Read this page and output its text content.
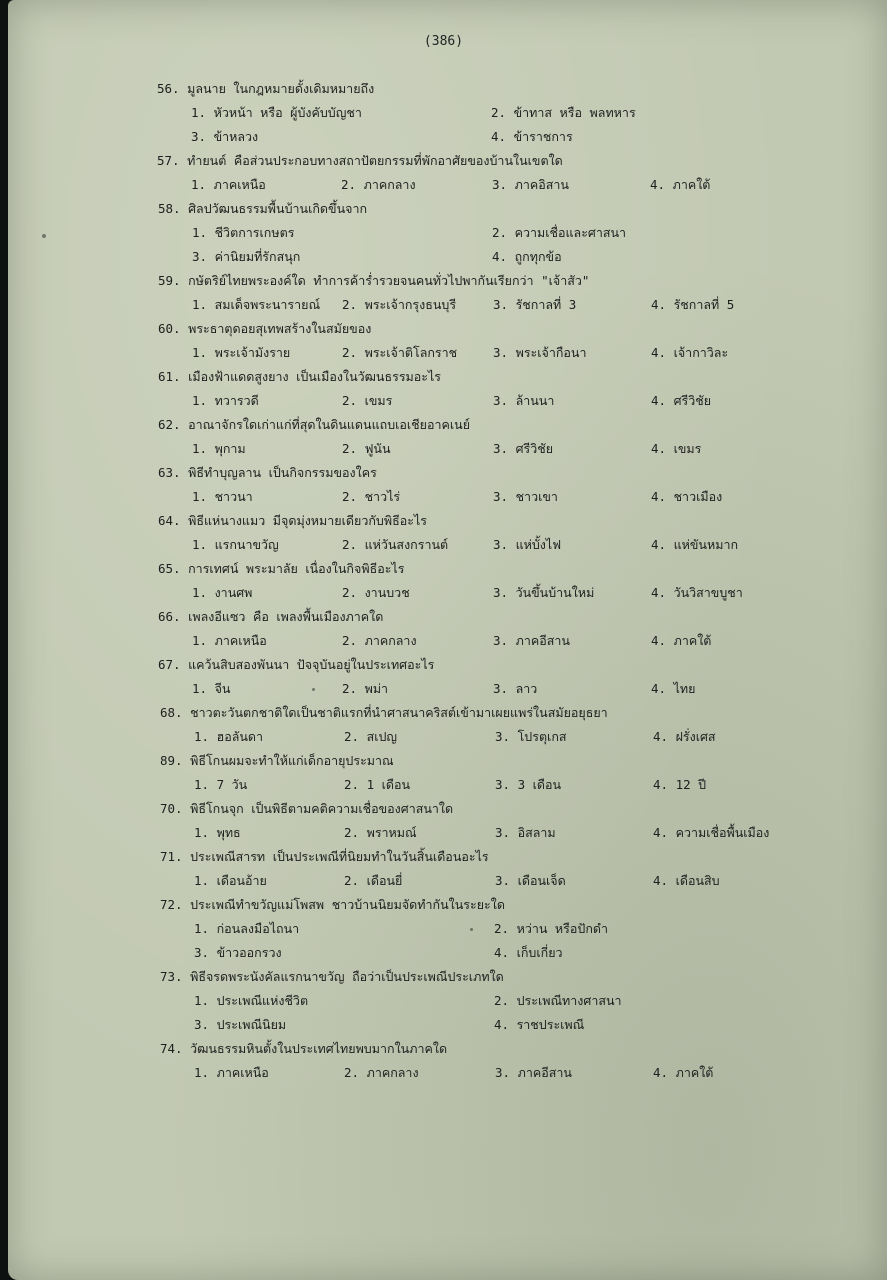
(386)
56. มูลนาย ในกฎหมายดั้งเดิมหมายถึง
1. หัวหน้า หรือ ผู้บังคับบัญชา	2. ข้าทาส หรือ พลทหาร
3. ข้าหลวง	4. ข้าราชการ
57. ทำยนต์ คือส่วนประกอบทางสถาปัตยกรรมที่พักอาศัยของบ้านในเขตใด
1. ภาคเหนือ	2. ภาคกลาง	3. ภาคอิสาน	4. ภาคใต้
58. ศิลปวัฒนธรรมพื้นบ้านเกิดขึ้นจาก
1. ชีวิตการเกษตร	2. ความเชื่อและศาสนา
3. ค่านิยมที่รักสนุก	4. ถูกทุกข้อ
59. กษัตริย์ไทยพระองค์ใด ทำการค้าร่ำรวยจนคนทั่วไปพากันเรียกว่า "เจ้าสัว"
1. สมเด็จพระนารายณ์ 2. พระเจ้ากรุงธนบุรี	3. รัชกาลที่ 3	4. รัชกาลที่ 5
60. พระธาตุดอยสุเทพสร้างในสมัยของ
1. พระเจ้ามังราย	2. พระเจ้าติโลกราช	3. พระเจ้ากือนา	4. เจ้ากาวิละ
61. เมืองฟ้าแดดสูงยาง เป็นเมืองในวัฒนธรรมอะไร
1. ทวารวดี	2. เขมร	3. ล้านนา	4. ศรีวิชัย
62. อาณาจักรใดเก่าแก่ที่สุดในดินแดนแถบเอเชียอาคเนย์
1. พุกาม	2. ฟูนัน	3. ศรีวิชัย	4. เขมร
63. พิธีทำบุญลาน เป็นกิจกรรมของใคร
1. ชาวนา	2. ชาวไร่	3. ชาวเขา	4. ชาวเมือง
64. พิธีแห่นางแมว มีจุดมุ่งหมายเดียวกับพิธีอะไร
1. แรกนาขวัญ	2. แห่วันสงกรานต์	3. แห่บั้งไฟ	4. แห่ขันหมาก
65. การเทศน์ พระมาลัย เนื่องในกิจพิธีอะไร
1. งานศพ	2. งานบวช	3. วันขึ้นบ้านใหม่	4. วันวิสาขบูชา
66. เพลงอีแซว คือ เพลงพื้นเมืองภาคใด
1. ภาคเหนือ	2. ภาคกลาง	3. ภาคอีสาน	4. ภาคใต้
67. แคว้นสิบสองพันนา ปัจจุบันอยู่ในประเทศอะไร
1. จีน	2. พม่า	3. ลาว	4. ไทย
68. ชาวตะวันตกชาติใดเป็นชาติแรกที่นำศาสนาคริสต์เข้ามาเผยแพร่ในสมัยอยุธยา
1. ฮอลันดา	2. สเปญ	3. โปรตุเกส	4. ฝรั่งเศส
89. พิธีโกนผมจะทำให้แก่เด็กอายุประมาณ
1. 7 วัน	2. 1 เดือน	3. 3 เดือน	4. 12 ปี
70. พิธีโกนจุก เป็นพิธีตามคติความเชื่อของศาสนาใด
1. พุทธ	2. พราหมณ์	3. อิสลาม	4. ความเชื่อพื้นเมือง
71. ประเพณีสารท เป็นประเพณีที่นิยมทำในวันสิ้นเดือนอะไร
1. เดือนอ้าย	2. เดือนยี่	3. เดือนเจ็ด	4. เดือนสิบ
72. ประเพณีทำขวัญแม่โพสพ ชาวบ้านนิยมจัดทำกันในระยะใด
1. ก่อนลงมือไถนา	2. หว่าน หรือปักดำ
3. ข้าวออกรวง	4. เก็บเกี่ยว
73. พิธีจรดพระนังคัลแรกนาขวัญ ถือว่าเป็นประเพณีประเภทใด
1. ประเพณีแห่งชีวิต	2. ประเพณีทางศาสนา
3. ประเพณีนิยม	4. ราชประเพณี
74. วัฒนธรรมหินตั้งในประเทศไทยพบมากในภาคใด
1. ภาคเหนือ	2. ภาคกลาง	3. ภาคอีสาน	4. ภาคใต้
